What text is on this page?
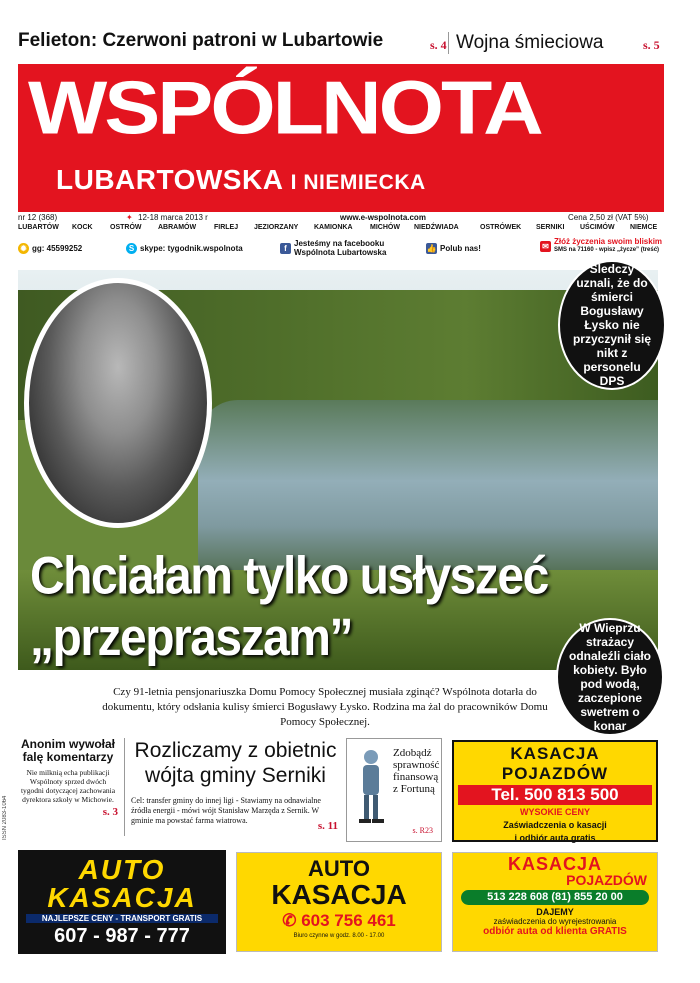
Felieton: Czerwoni patroni w Lubartowie	s. 4 Wojna śmieciowa	s. 5
WSPÓLNOTA
LUBARTOWSKA I NIEMIECKA
nr 12 (368)	✦ 12-18 marca 2013 r	www.e-wspolnota.com	Cena 2,50 zł (VAT 5%)
LUBARTÓW KOCK OSTRÓW ABRAMÓW	FIRLEJ JEZIORZANY KAMIONKA	MICHÓW NIEDŹWIADA	OSTRÓWEK SERNIKI UŚCIMÓW NIEMCE
✹ gg: 45599252	S skype: tygodnik.wspolnota	f Jesteśmy na facebooku
Wspólnota Lubartowska	👍 Polub nas!	✉ Złóż życzenia swoim bliskim
SMS na 71160 - wpisz „życze” (treść)
Chciałam tylko usłyszeć
„przepraszam”
Śledczy uznali, że do śmierci Bogusławy Łysko nie przyczynił się nikt z personelu DPS
W Wieprzu strażacy odnaleźli ciało kobiety. Było pod wodą, zaczepione swetrem o konar
Czy 91-letnia pensjonariuszka Domu Pomocy Społecznej musiała zginąć? Wspólnota dotarła do dokumentu, który odsłania kulisy śmierci Bogusławy Łysko. Rodzina ma żal do pracowników Domu Pomocy Społecznej.
ISSN 2083-1064
Anonim wywołał falę komentarzy
Nie milknią echa publikacji Wspólnoty sprzed dwóch tygodni dotyczącej zachowania dyrektora szkoły w Michowie.
s. 3
Rozliczamy z obietnic wójta gminy Serniki
Cel: transfer gminy do innej ligi - Stawiamy na odnawialne źródła energii - mówi wójt Stanisław Marzęda z Sernik. W gminie ma powstać farma wiatrowa.	s. 11
Zdobądź sprawność finansową z Fortuną
s. R23
KASACJA
POJAZDÓW
Tel. 500 813 500
WYSOKIE CENY
Zaświadczenia o kasacji
i odbiór auta gratis
AUTO
KASACJA
NAJLEPSZE CENY - TRANSPORT GRATIS
607 - 987 - 777
AUTO
KASACJA
✆ 603 756 461
Biuro czynne w godz. 8.00 - 17.00
KASACJA
POJAZDÓW
513 228 608 (81) 855 20 00
DAJEMY
zaświadczenia do wyrejestrowania
odbiór auta od klienta GRATIS
